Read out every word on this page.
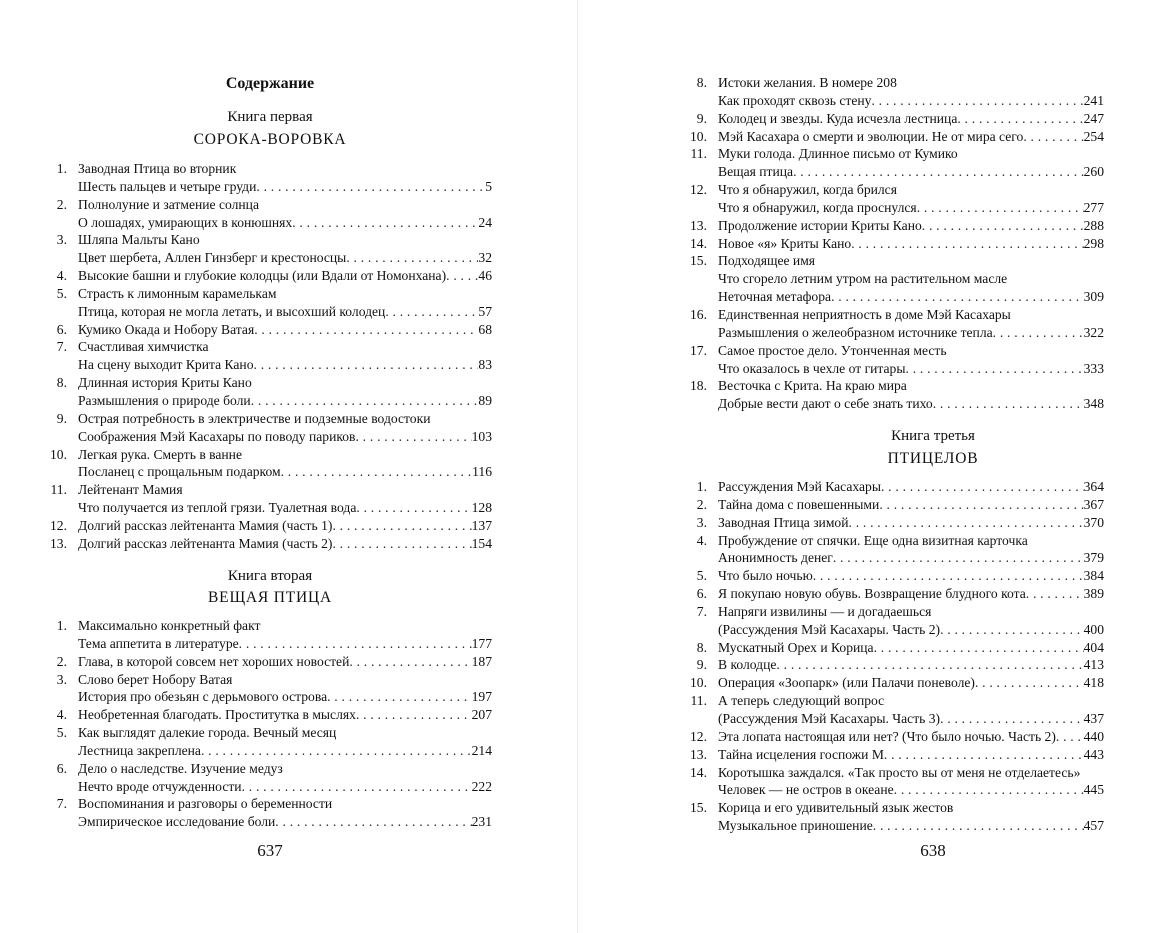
Содержание
Книга первая
СОРОКА-ВОРОВКА
1. Заводная Птица во вторник
Шесть пальцев и четыре груди . . .	5
2. Полнолуние и затмение солнца
О лошадях, умирающих в конюшнях . . .	24
3. Шляпа Мальты Кано
Цвет шербета, Аллен Гинзберг и крестоносцы . . .	32
4. Высокие башни и глубокие колодцы (или Вдали от Номонхана) . . . 46
5. Страсть к лимонным карамелькам
Птица, которая не могла летать, и высохший колодец . . .	57
6. Кумико Окада и Нобору Ватая . . .	68
7. Счастливая химчистка
На сцену выходит Крита Кано . . .	83
8. Длинная история Криты Кано
Размышления о природе боли . . .	89
9. Острая потребность в электричестве и подземные водостоки
Соображения Мэй Касахары по поводу париков . . .	103
10. Легкая рука. Смерть в ванне
Посланец с прощальным подарком . . .	116
11. Лейтенант Мамия
Что получается из теплой грязи. Туалетная вода . . .	128
12. Долгий рассказ лейтенанта Мамия (часть 1) . . .	137
13. Долгий рассказ лейтенанта Мамия (часть 2) . . .	154
Книга вторая
ВЕЩАЯ ПТИЦА
1. Максимально конкретный факт
Тема аппетита в литературе . . .	177
2. Глава, в которой совсем нет хороших новостей . . .	187
3. Слово берет Нобору Ватая
История про обезьян с дерьмового острова . . .	197
4. Необретенная благодать. Проститутка в мыслях . . .	207
5. Как выглядят далекие города. Вечный месяц
Лестница закреплена . . .	214
6. Дело о наследстве. Изучение медуз
Нечто вроде отчужденности . . .	222
7. Воспоминания и разговоры о беременности
Эмпирическое исследование боли . . .	231
637
8. Истоки желания. В номере 208
Как проходят сквозь стену . . .	241
9. Колодец и звезды. Куда исчезла лестница . . .	247
10. Мэй Касахара о смерти и эволюции. Не от мира сего . . .	254
11. Муки голода. Длинное письмо от Кумико
Вещая птица . . .	260
12. Что я обнаружил, когда брился
Что я обнаружил, когда проснулся . . .	277
13. Продолжение истории Криты Кано . . .	288
14. Новое «я» Криты Кано . . .	298
15. Подходящее имя
Что сгорело летним утром на растительном масле
Неточная метафора . . .	309
16. Единственная неприятность в доме Мэй Касахары
Размышления о желеобразном источнике тепла . . .	322
17. Самое простое дело. Утонченная месть
Что оказалось в чехле от гитары . . .	333
18. Весточка с Крита. На краю мира
Добрые вести дают о себе знать тихо . . .	348
Книга третья
ПТИЦЕЛОВ
1. Рассуждения Мэй Касахары . . .	364
2. Тайна дома с повешенными . . .	367
3. Заводная Птица зимой . . .	370
4. Пробуждение от спячки. Еще одна визитная карточка
Анонимность денег . . .	379
5. Что было ночью . . .	384
6. Я покупаю новую обувь. Возвращение блудного кота . . .	389
7. Напряги извилины — и догадаешься
(Рассуждения Мэй Касахары. Часть 2) . . .	400
8. Мускатный Орех и Корица . . .	404
9. В колодце . . .	413
10. Операция «Зоопарк» (или Палачи поневоле) . . .	418
11. А теперь следующий вопрос
(Рассуждения Мэй Касахары. Часть 3) . . .	437
12. Эта лопата настоящая или нет? (Что было ночью. Часть 2) . . . 440
13. Тайна исцеления госпожи М . . .	443
14. Коротышка заждался. «Так просто вы от меня не отделаетесь»
Человек — не остров в океане . . .	445
15. Корица и его удивительный язык жестов
Музыкальное приношение . . .	457
638
